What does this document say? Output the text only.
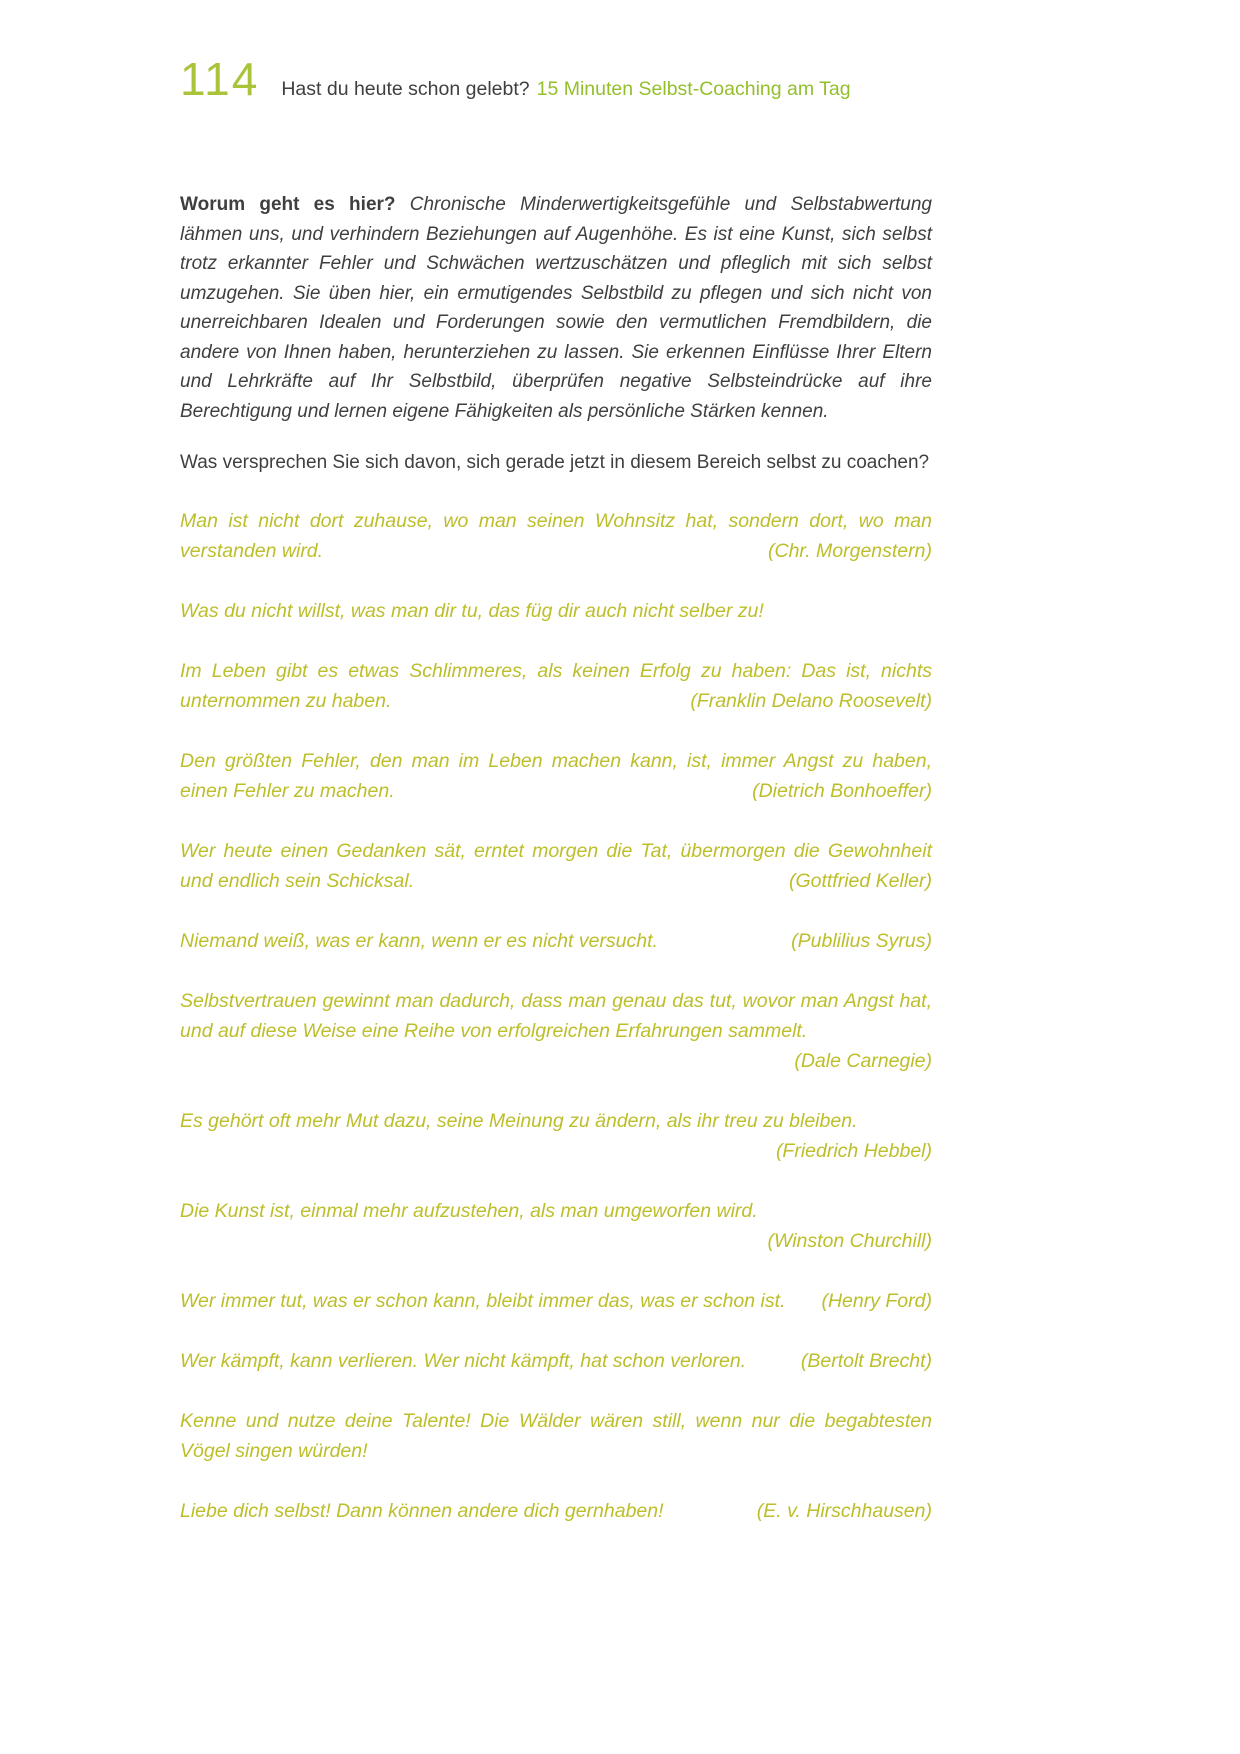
114 Hast du heute schon gelebt? 15 Minuten Selbst-Coaching am Tag

Worum geht es hier? Chronische Minderwertigkeitsgefühle und Selbstabwertung lähmen uns, und verhindern Beziehungen auf Augenhöhe. Es ist eine Kunst, sich selbst trotz erkannter Fehler und Schwächen wertzuschätzen und pfleglich mit sich selbst umzugehen. Sie üben hier, ein ermutigendes Selbstbild zu pflegen und sich nicht von unerreichbaren Idealen und Forderungen sowie den vermutlichen Fremdbildern, die andere von Ihnen haben, herunterziehen zu lassen. Sie erkennen Einflüsse Ihrer Eltern und Lehrkräfte auf Ihr Selbstbild, überprüfen negative Selbsteindrücke auf ihre Berechtigung und lernen eigene Fähigkeiten als persönliche Stärken kennen.

Was versprechen Sie sich davon, sich gerade jetzt in diesem Bereich selbst zu coachen?

Man ist nicht dort zuhause, wo man seinen Wohnsitz hat, sondern dort, wo man verstanden wird.	(Chr. Morgenstern)
Was du nicht willst, was man dir tu, das füg dir auch nicht selber zu!
Im Leben gibt es etwas Schlimmeres, als keinen Erfolg zu haben: Das ist, nichts unternommen zu haben.	(Franklin Delano Roosevelt)
Den größten Fehler, den man im Leben machen kann, ist, immer Angst zu haben, einen Fehler zu machen.	(Dietrich Bonhoeffer)
Wer heute einen Gedanken sät, erntet morgen die Tat, übermorgen die Gewohnheit und endlich sein Schicksal.	(Gottfried Keller)
Niemand weiß, was er kann, wenn er es nicht versucht.	(Publilius Syrus)
Selbstvertrauen gewinnt man dadurch, dass man genau das tut, wovor man Angst hat, und auf diese Weise eine Reihe von erfolgreichen Erfahrungen sammelt.
(Dale Carnegie)
Es gehört oft mehr Mut dazu, seine Meinung zu ändern, als ihr treu zu bleiben.
(Friedrich Hebbel)
Die Kunst ist, einmal mehr aufzustehen, als man umgeworfen wird.
(Winston Churchill)
Wer immer tut, was er schon kann, bleibt immer das, was er schon ist. (Henry Ford)
Wer kämpft, kann verlieren. Wer nicht kämpft, hat schon verloren.	(Bertolt Brecht)
Kenne und nutze deine Talente! Die Wälder wären still, wenn nur die begabtesten Vögel singen würden!
Liebe dich selbst! Dann können andere dich gernhaben!	(E. v. Hirschhausen)
